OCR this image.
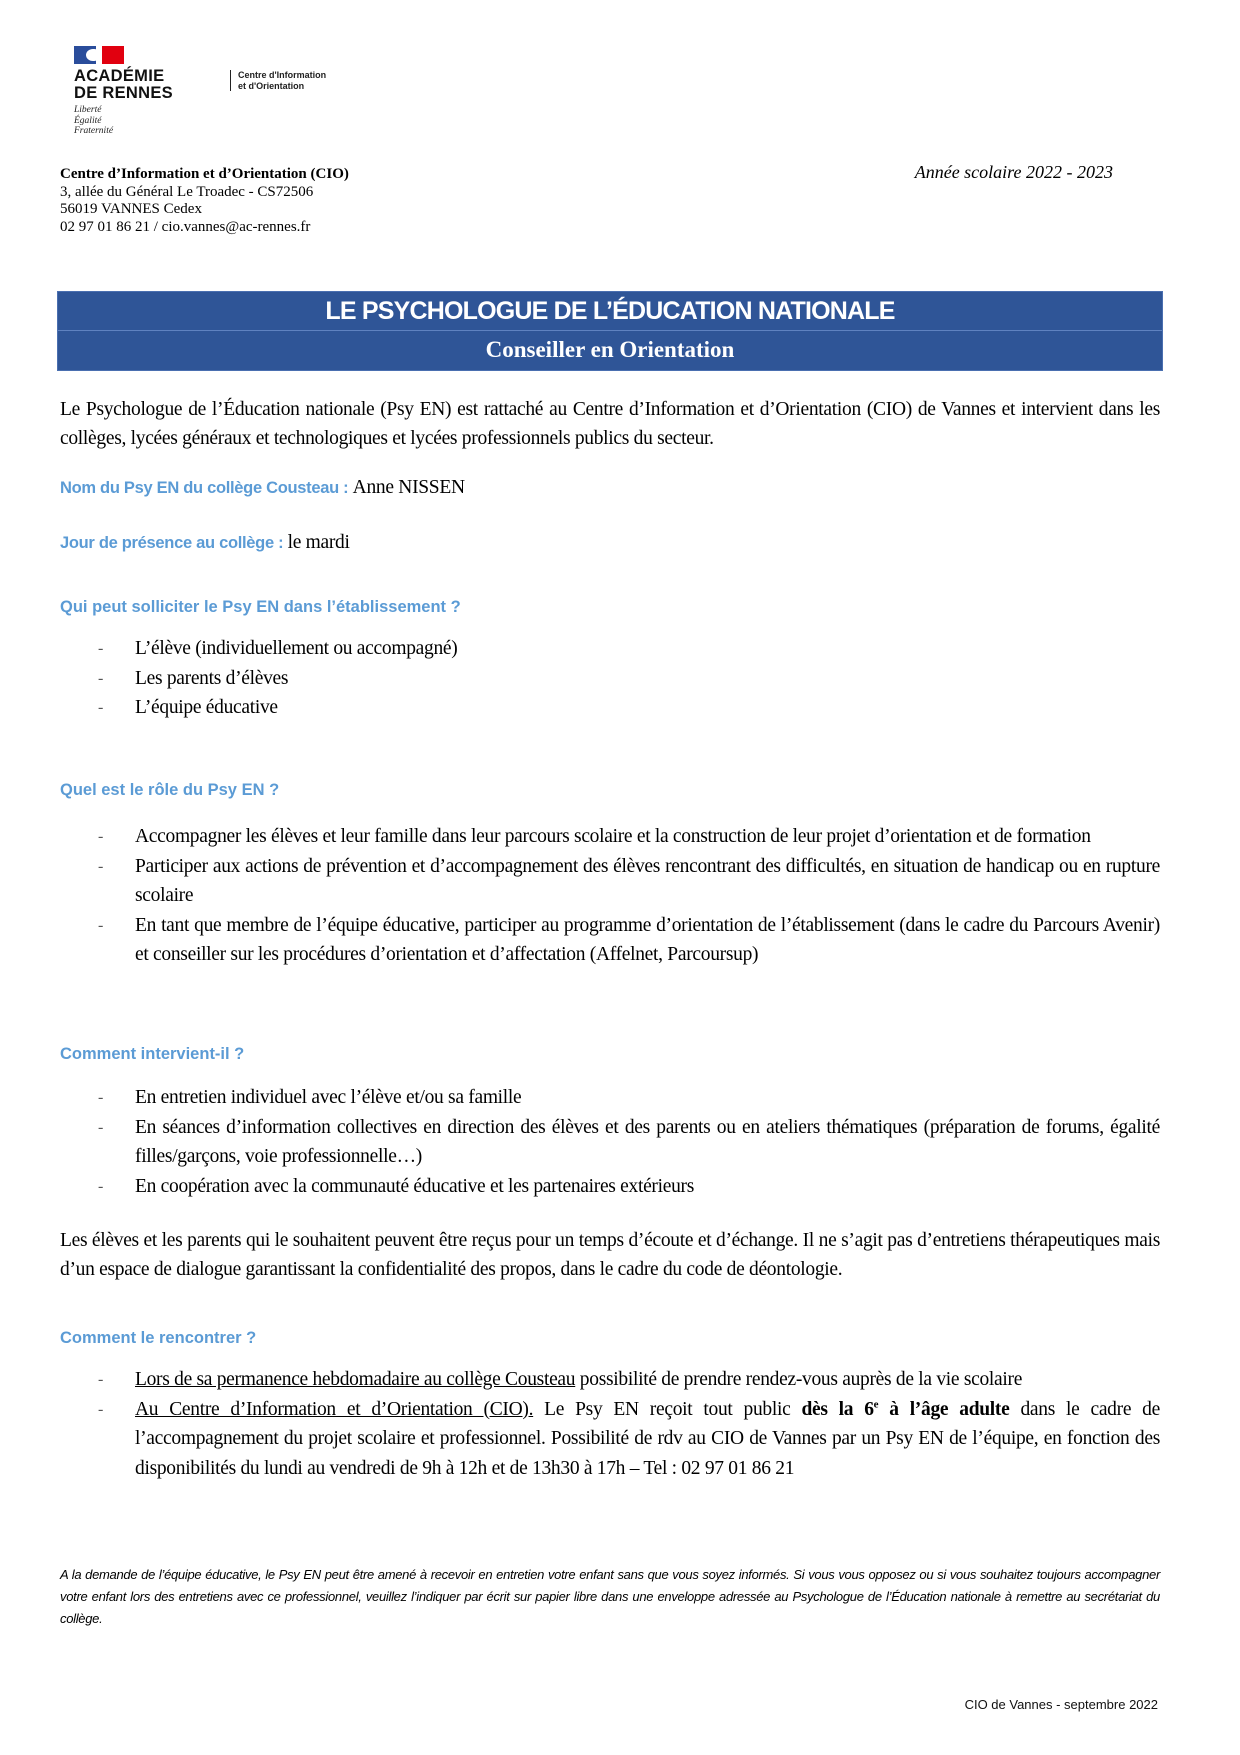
ACADÉMIE
DE RENNES
Liberté
Égalité
Fraternité
Centre d'Information
et d'Orientation
Centre d’Information et d’Orientation (CIO)
3, allée du Général Le Troadec - CS72506
56019 VANNES Cedex
02 97 01 86 21 / cio.vannes@ac-rennes.fr
Année scolaire 2022 - 2023
LE PSYCHOLOGUE DE L’ÉDUCATION NATIONALE
Conseiller en Orientation
Le Psychologue de l’Éducation nationale (Psy EN) est rattaché au Centre d’Information et d’Orientation (CIO) de Vannes et intervient dans les collèges, lycées généraux et technologiques et lycées professionnels publics du secteur.
Nom du Psy EN du collège Cousteau : Anne NISSEN
Jour de présence au collège : le mardi
Qui peut solliciter le Psy EN dans l’établissement ?
- L’élève (individuellement ou accompagné)
- Les parents d’élèves
- L’équipe éducative
Quel est le rôle du Psy EN ?
- Accompagner les élèves et leur famille dans leur parcours scolaire et la construction de leur projet d’orientation et de formation
- Participer aux actions de prévention et d’accompagnement des élèves rencontrant des difficultés, en situation de handicap ou en rupture scolaire
- En tant que membre de l’équipe éducative, participer au programme d’orientation de l’établissement (dans le cadre du Parcours Avenir) et conseiller sur les procédures d’orientation et d’affectation (Affelnet, Parcoursup)
Comment intervient-il ?
- En entretien individuel avec l’élève et/ou sa famille
- En séances d’information collectives en direction des élèves et des parents ou en ateliers thématiques (préparation de forums, égalité filles/garçons, voie professionnelle…)
- En coopération avec la communauté éducative et les partenaires extérieurs
Les élèves et les parents qui le souhaitent peuvent être reçus pour un temps d’écoute et d’échange. Il ne s’agit pas d’entretiens thérapeutiques mais d’un espace de dialogue garantissant la confidentialité des propos, dans le cadre du code de déontologie.
Comment le rencontrer ?
- Lors de sa permanence hebdomadaire au collège Cousteau possibilité de prendre rendez-vous auprès de la vie scolaire
- Au Centre d’Information et d’Orientation (CIO). Le Psy EN reçoit tout public dès la 6e à l’âge adulte dans le cadre de l’accompagnement du projet scolaire et professionnel. Possibilité de rdv au CIO de Vannes par un Psy EN de l’équipe, en fonction des disponibilités du lundi au vendredi de 9h à 12h et de 13h30 à 17h – Tel : 02 97 01 86 21
A la demande de l’équipe éducative, le Psy EN peut être amené à recevoir en entretien votre enfant sans que vous soyez informés. Si vous vous opposez ou si vous souhaitez toujours accompagner votre enfant lors des entretiens avec ce professionnel, veuillez l’indiquer par écrit sur papier libre dans une enveloppe adressée au Psychologue de l’Éducation nationale à remettre au secrétariat du collège.
CIO de Vannes - septembre 2022
